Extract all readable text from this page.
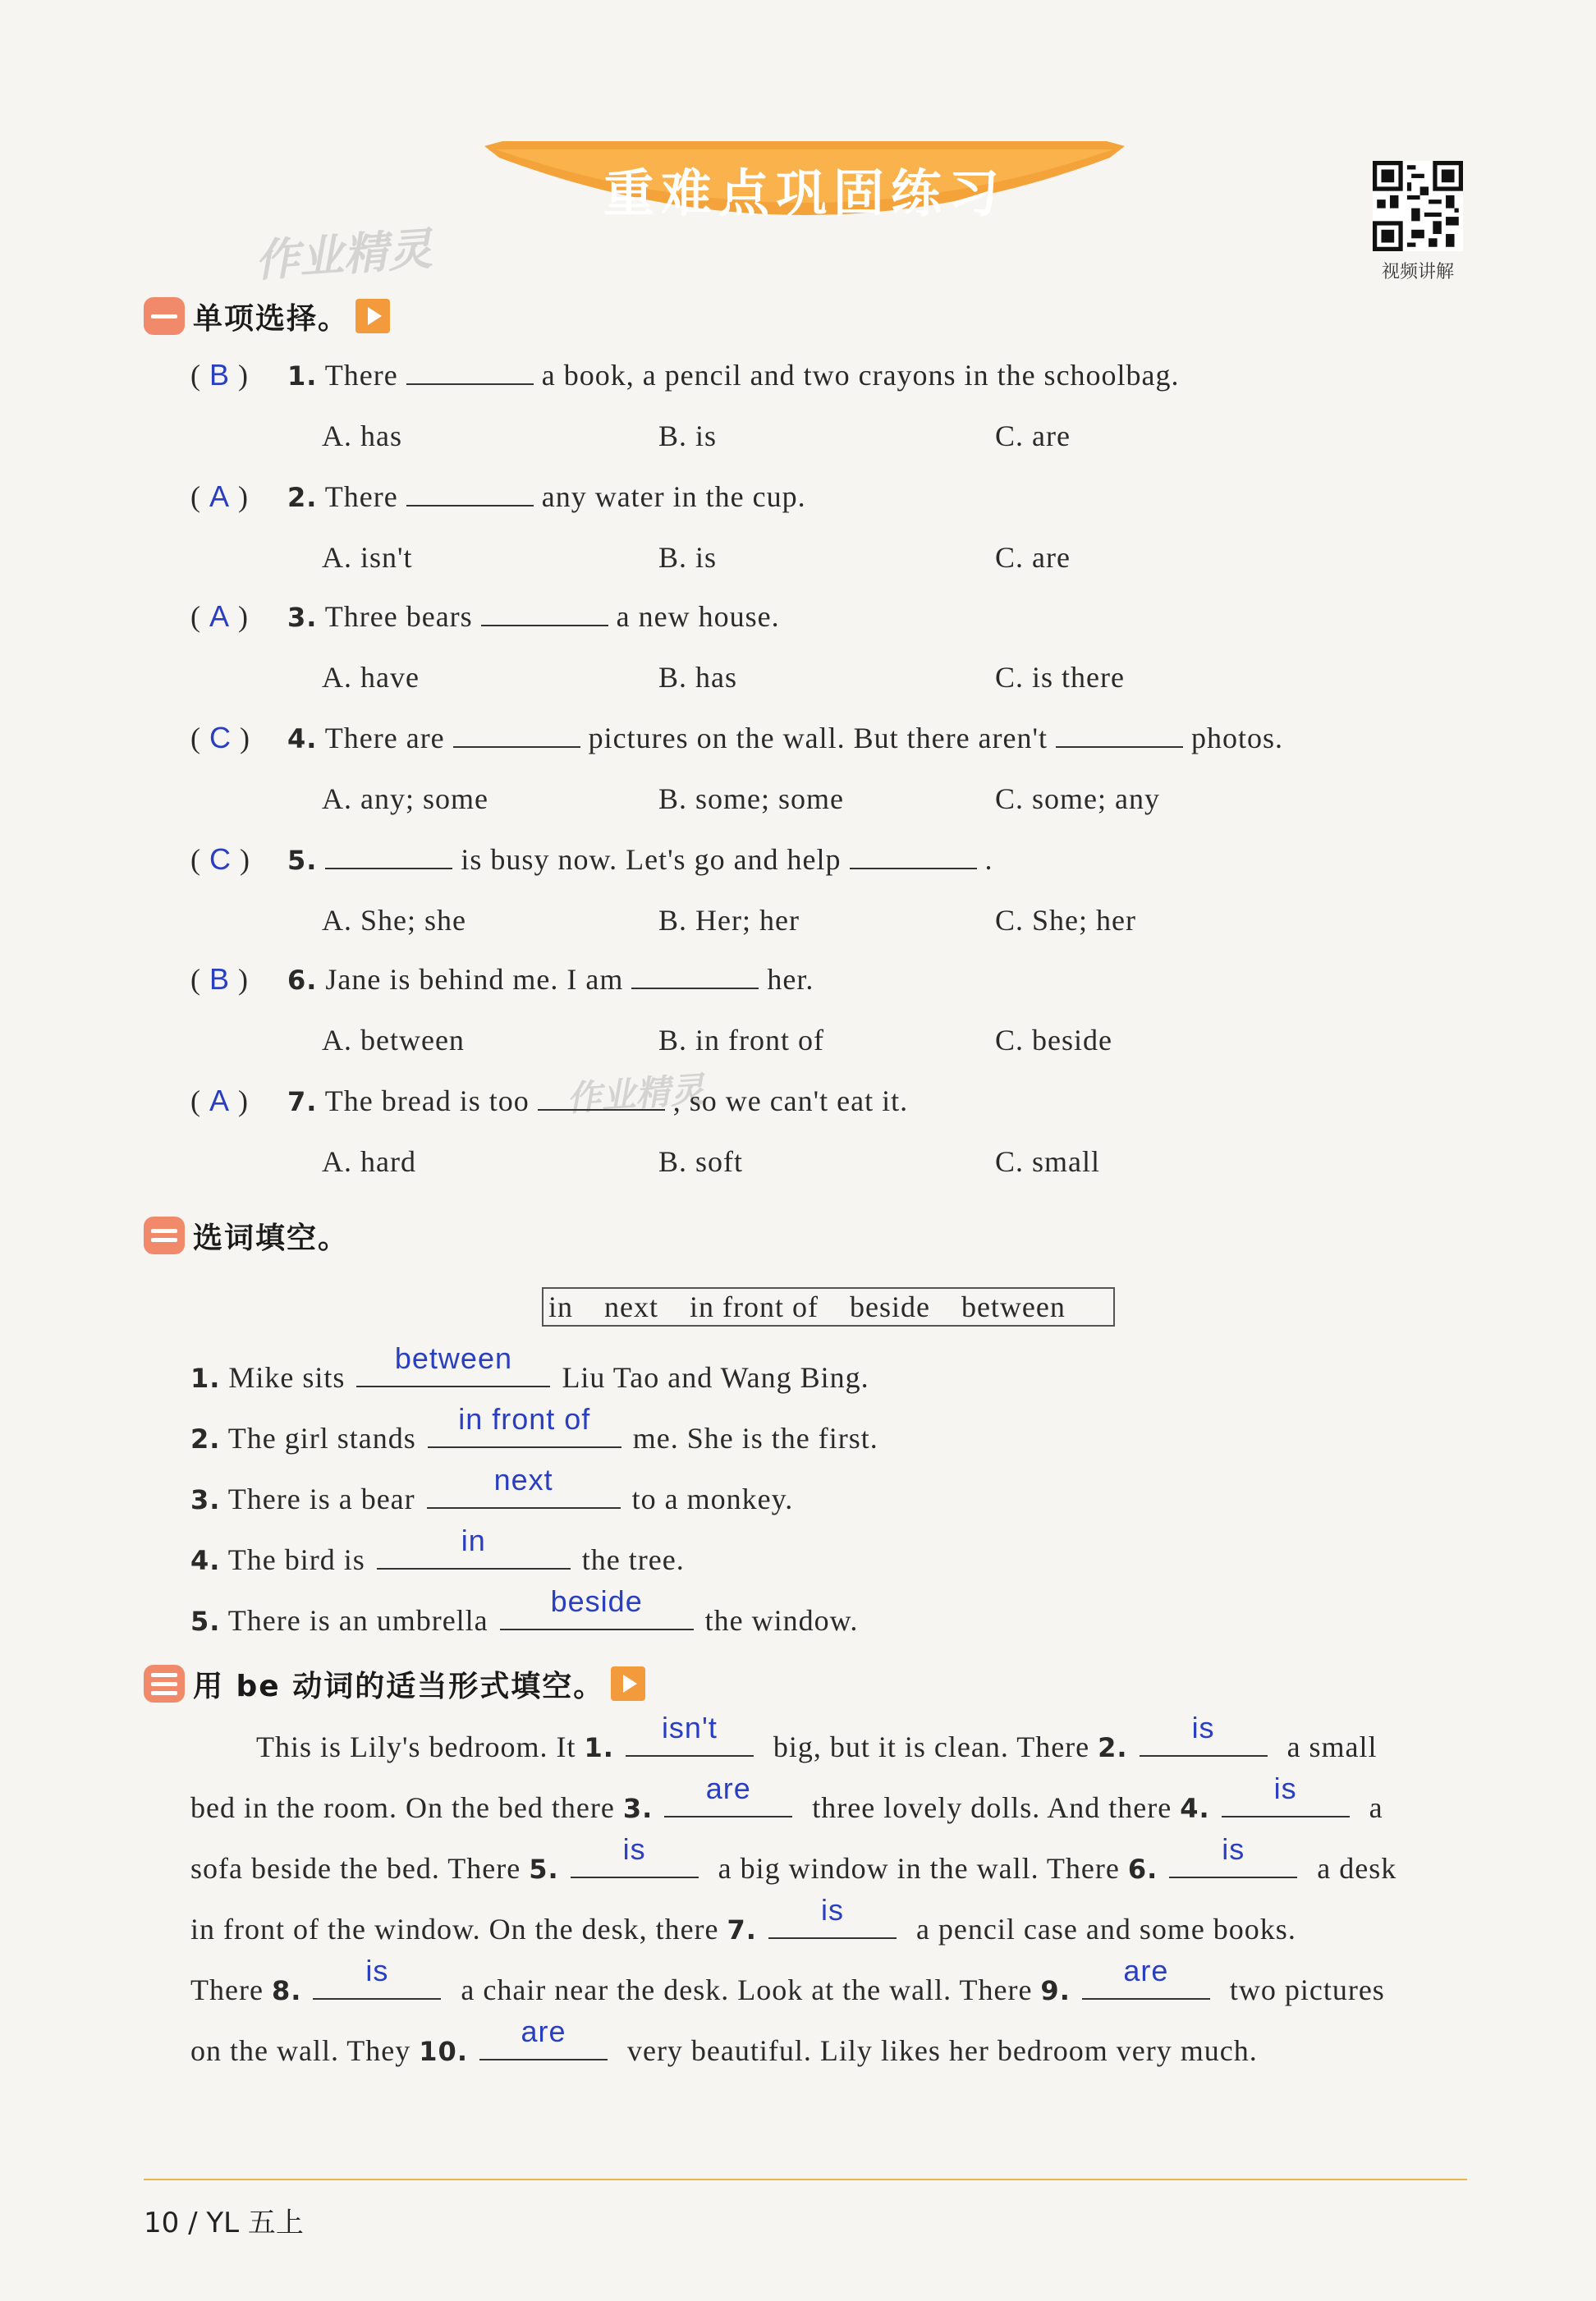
重难点巩固练习
视频讲解
作业精灵
作业精灵
单项选择。
( B ) 1. There	a book, a pencil and two crayons in the schoolbag.
A. has	B. is	C. are
( A ) 2. There	any water in the cup.
A. isn't	B. is	C. are
( A ) 3. Three bears	a new house.
A. have	B. has	C. is there
( C ) 4. There are	pictures on the wall. But there aren't	photos.
A. any; some	B. some; some	C. some; any
( C ) 5.	is busy now. Let's go and help	.
A. She; she	B. Her; her	C. She; her
( B ) 6. Jane is behind me. I am	her.
A. between	B. in front of	C. beside
( A ) 7. The bread is too	, so we can't eat it.
A. hard	B. soft	C. small
选词填空。
in next in front of beside between
1. Mike sits
between
Liu Tao and Wang Bing.
2. The girl stands
in front of
me. She is the first.
3. There is a bear
next
to a monkey.
4. The bird is
in
the tree.
5. There is an umbrella
beside
the window.
用 be 动词的适当形式填空。
This is Lily's bedroom. It 1.
isn't
big, but it is clean. There 2.
is
a small
bed in the room. On the bed there 3.
are
three lovely dolls. And there 4.
is
a
sofa beside the bed. There 5.
is
a big window in the wall. There 6.
is
a desk
in front of the window. On the desk, there 7.
is
a pencil case and some books.
There 8.
is
a chair near the desk. Look at the wall. There 9.
are
two pictures
on the wall. They 10.
are
very beautiful. Lily likes her bedroom very much.
10 / YL 五上
